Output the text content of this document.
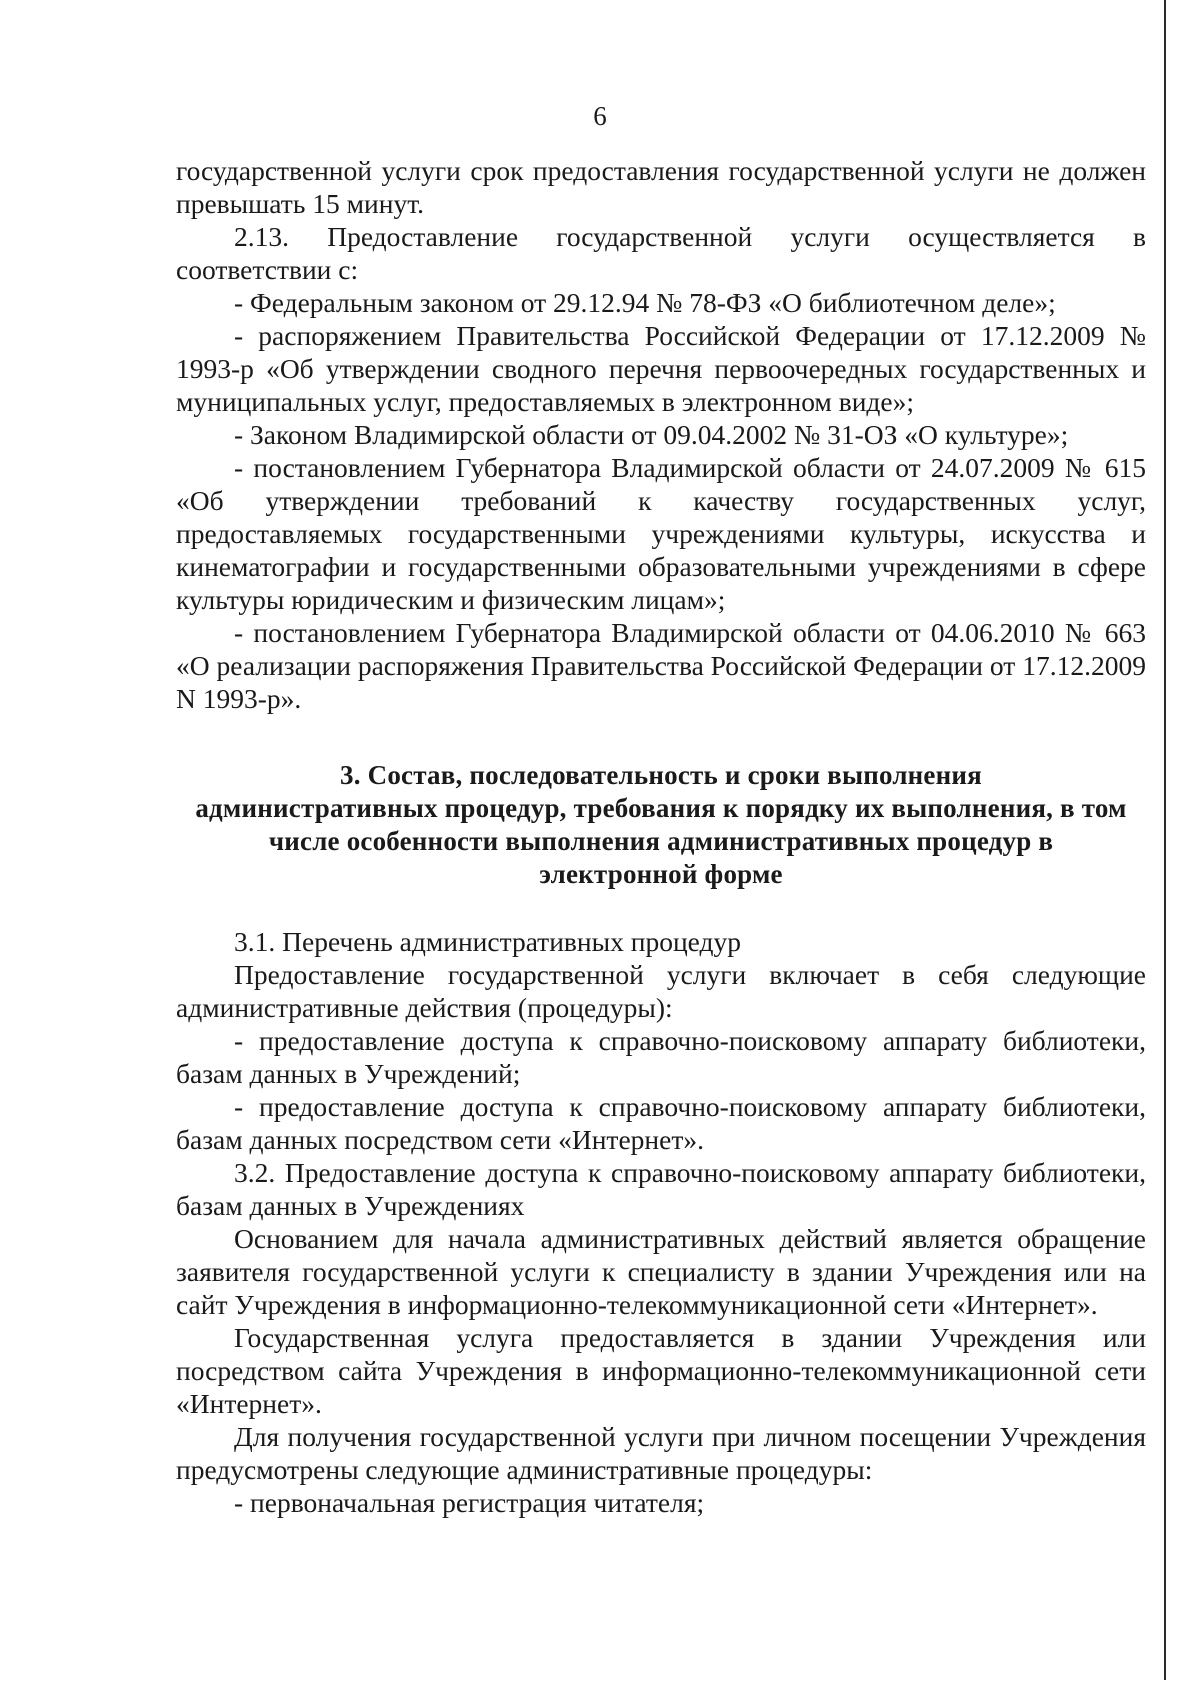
6

государственной услуги срок предоставления государственной услуги не должен превышать 15 минут.

2.13. Предоставление государственной услуги осуществляется в соответствии с:

- Федеральным законом от 29.12.94 № 78-ФЗ «О библиотечном деле»;

- распоряжением Правительства Российской Федерации от 17.12.2009 № 1993-р «Об утверждении сводного перечня первоочередных государственных и муниципальных услуг, предоставляемых в электронном виде»;

- Законом Владимирской области от 09.04.2002 № 31-ОЗ «О культуре»;

- постановлением Губернатора Владимирской области от 24.07.2009 № 615 «Об утверждении требований к качеству государственных услуг, предоставляемых государственными учреждениями культуры, искусства и кинематографии и государственными образовательными учреждениями в сфере культуры юридическим и физическим лицам»;

- постановлением Губернатора Владимирской области от 04.06.2010 № 663 «О реализации распоряжения Правительства Российской Федерации от 17.12.2009 N 1993-р».

3. Состав, последовательность и сроки выполнения
административных процедур, требования к порядку их выполнения, в том
числе особенности выполнения административных процедур в
электронной форме

3.1. Перечень административных процедур

Предоставление государственной услуги включает в себя следующие административные действия (процедуры):

- предоставление доступа к справочно-поисковому аппарату библиотеки, базам данных в Учреждений;

- предоставление доступа к справочно-поисковому аппарату библиотеки, базам данных посредством сети «Интернет».

3.2. Предоставление доступа к справочно-поисковому аппарату библиотеки, базам данных в Учреждениях

Основанием для начала административных действий является обращение заявителя государственной услуги к специалисту в здании Учреждения или на сайт Учреждения в информационно-телекоммуникационной сети «Интернет».

Государственная услуга предоставляется в здании Учреждения или посредством сайта Учреждения в информационно-телекоммуникационной сети «Интернет».

Для получения государственной услуги при личном посещении Учреждения предусмотрены следующие административные процедуры:

- первоначальная регистрация читателя;
